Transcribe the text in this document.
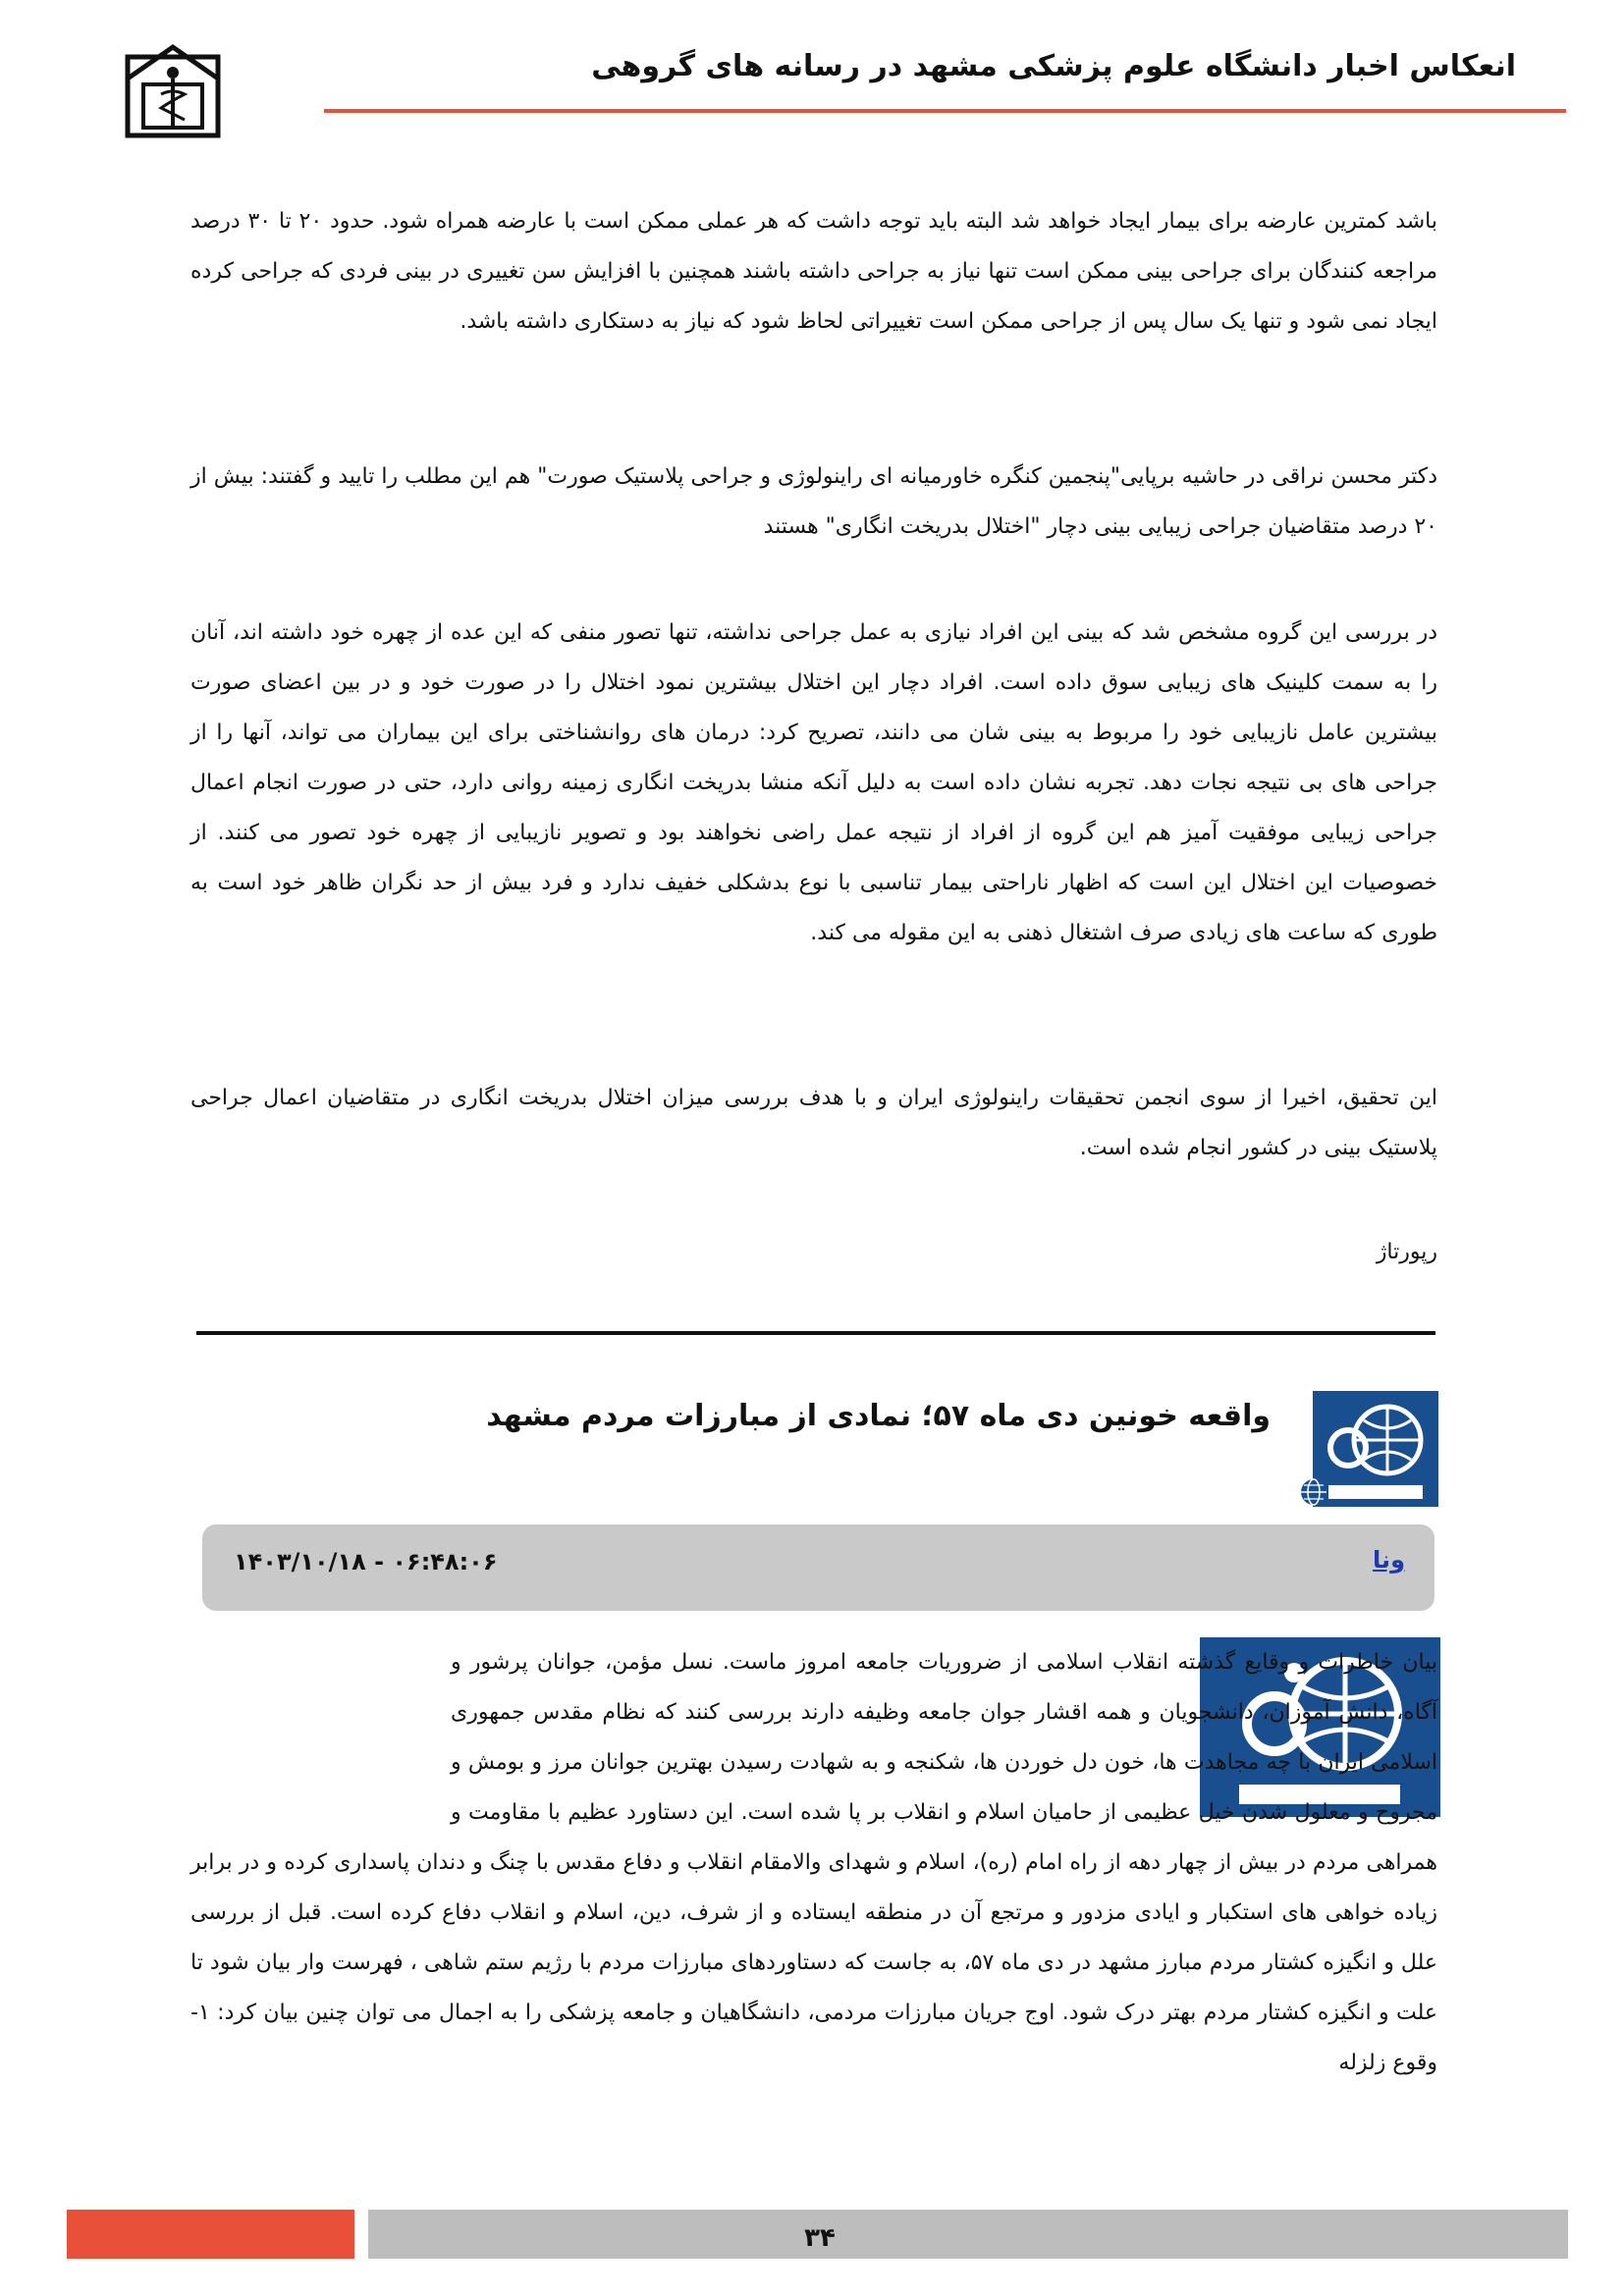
انعکاس اخبار دانشگاه علوم پزشکی مشهد در رسانه های گروهی

باشد کمترین عارضه برای بیمار ایجاد خواهد شد البته باید توجه داشت که هر عملی ممکن است با عارضه همراه شود. حدود ۲۰ تا ۳۰ درصد مراجعه کنندگان برای جراحی بینی ممکن است تنها نیاز به جراحی داشته باشند همچنین با افزایش سن تغییری در بینی فردی که جراحی کرده ایجاد نمی شود و تنها یک سال پس از جراحی ممکن است تغییراتی لحاظ شود که نیاز به دستکاری داشته باشد.

دکتر محسن نراقی در حاشیه برپایی"پنجمین کنگره خاورمیانه ای راینولوژی و جراحی پلاستیک صورت" هم این مطلب را تایید و گفتند: بیش از ۲۰ درصد متقاضیان جراحی زیبایی بینی دچار "اختلال بدریخت انگاری" هستند

در بررسی این گروه مشخص شد که بینی این افراد نیازی به عمل جراحی نداشته، تنها تصور منفی که این عده از چهره خود داشته اند، آنان را به سمت کلینیک های زیبایی سوق داده است. افراد دچار این اختلال بیشترین نمود اختلال را در صورت خود و در بین اعضای صورت بیشترین عامل نازیبایی خود را مربوط به بینی شان می دانند، تصریح کرد: درمان های روانشناختی برای این بیماران می تواند، آنها را از جراحی های بی نتیجه نجات دهد. تجربه نشان داده است به دلیل آنکه منشا بدریخت انگاری زمینه روانی دارد، حتی در صورت انجام اعمال جراحی زیبایی موفقیت آمیز هم این گروه از افراد از نتیجه عمل راضی نخواهند بود و تصویر نازیبایی از چهره خود تصور می کنند. از خصوصیات این اختلال این است که اظهار ناراحتی بیمار تناسبی با نوع بدشکلی خفیف ندارد و فرد بیش از حد نگران ظاهر خود است به طوری که ساعت های زیادی صرف اشتغال ذهنی به این مقوله می کند.

این تحقیق، اخیرا از سوی انجمن تحقیقات راینولوژی ایران و با هدف بررسی میزان اختلال بدریخت انگاری در متقاضیان اعمال جراحی پلاستیک بینی در کشور انجام شده است.

رپورتاژ

واقعه خونین دی ماه ۵۷؛ نمادی از مبارزات مردم مشهد
ونا
۱۴۰۳/۱۰/۱۸ - ۰۶:۴۸:۰۶

بیان خاطرات و وقایع گذشته انقلاب اسلامی از ضروریات جامعه امروز ماست. نسل مؤمن، جوانان پرشور و آگاه، دانش آموزان، دانشجویان و همه اقشار جوان جامعه وظیفه دارند بررسی کنند که نظام مقدس جمهوری اسلامی ایران با چه مجاهدت ها، خون دل خوردن ها، شکنجه و به شهادت رسیدن بهترین جوانان مرز و بومش و مجروح و معلول شدن خیل عظیمی از حامیان اسلام و انقلاب بر پا شده است. این دستاورد عظیم با مقاومت و همراهی مردم در بیش از چهار دهه از راه امام (ره)، اسلام و شهدای والامقام انقلاب و دفاع مقدس با چنگ و دندان پاسداری کرده و در برابر زیاده خواهی های استکبار و ایادی مزدور و مرتجع آن در منطقه ایستاده و از شرف، دین، اسلام و انقلاب دفاع کرده است. قبل از بررسی علل و انگیزه کشتار مردم مبارز مشهد در دی ماه ۵۷، به جاست که دستاوردهای مبارزات مردم با رژیم ستم شاهی ، فهرست وار بیان شود تا علت و انگیزه کشتار مردم بهتر درک شود. اوج جریان مبارزات مردمی، دانشگاهیان و جامعه پزشکی را به اجمال می توان چنین بیان کرد: ۱- وقوع زلزله

۳۴
